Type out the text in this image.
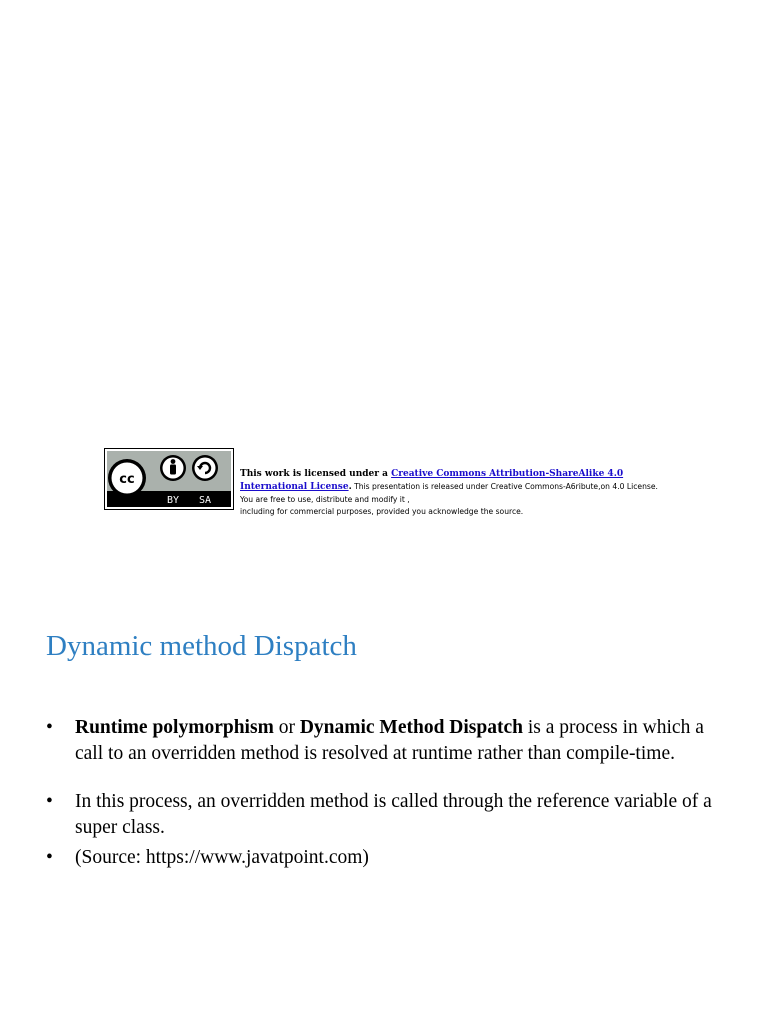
cc
BY SA
This work is licensed under a Creative Commons Attribution-ShareAlike 4.0 International License. This presentation is released under Creative Commons-A6ribute,on 4.0 License. You are free to use, distribute and modify it ,
including for commercial purposes, provided you acknowledge the source.
Dynamic method Dispatch
• Runtime polymorphism or Dynamic Method Dispatch is a process in which a call to an overridden method is resolved at runtime rather than compile-time.
• In this process, an overridden method is called through the reference variable of a super class.
• (Source: https://www.javatpoint.com)
